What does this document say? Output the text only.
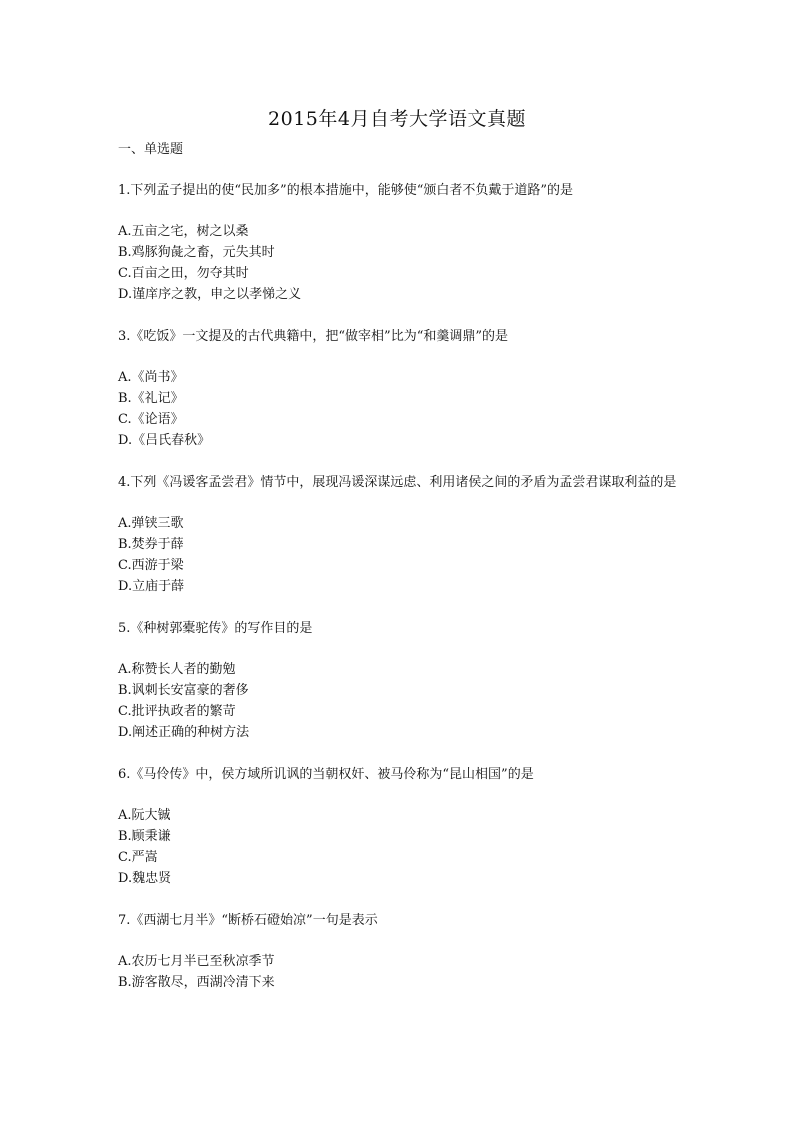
2015年4月自考大学语文真题
一、单选题
1.下列孟子提出的使“民加多”的根本措施中，能够使“颁白者不负戴于道路”的是
A.五亩之宅，树之以桑
B.鸡豚狗彘之畜，元失其时
C.百亩之田，勿夺其时
D.谨庠序之教，申之以孝悌之义
3.《吃饭》一文提及的古代典籍中，把“做宰相”比为“和羹调鼎”的是
A.《尚书》
B.《礼记》
C.《论语》
D.《吕氏春秋》
4.下列《冯谖客孟尝君》情节中，展现冯谖深谋远虑、利用诸侯之间的矛盾为孟尝君谋取利益的是
A.弹铗三歌
B.焚券于薛
C.西游于梁
D.立庙于薛
5.《种树郭橐驼传》的写作目的是
A.称赞长人者的勤勉
B.讽刺长安富豪的奢侈
C.批评执政者的繁苛
D.阐述正确的种树方法
6.《马伶传》中，侯方域所讥讽的当朝权奸、被马伶称为“昆山相国”的是
A.阮大铖
B.顾秉谦
C.严嵩
D.魏忠贤
7.《西湖七月半》“断桥石磴始凉”一句是表示
A.农历七月半已至秋凉季节
B.游客散尽，西湖冷清下来
